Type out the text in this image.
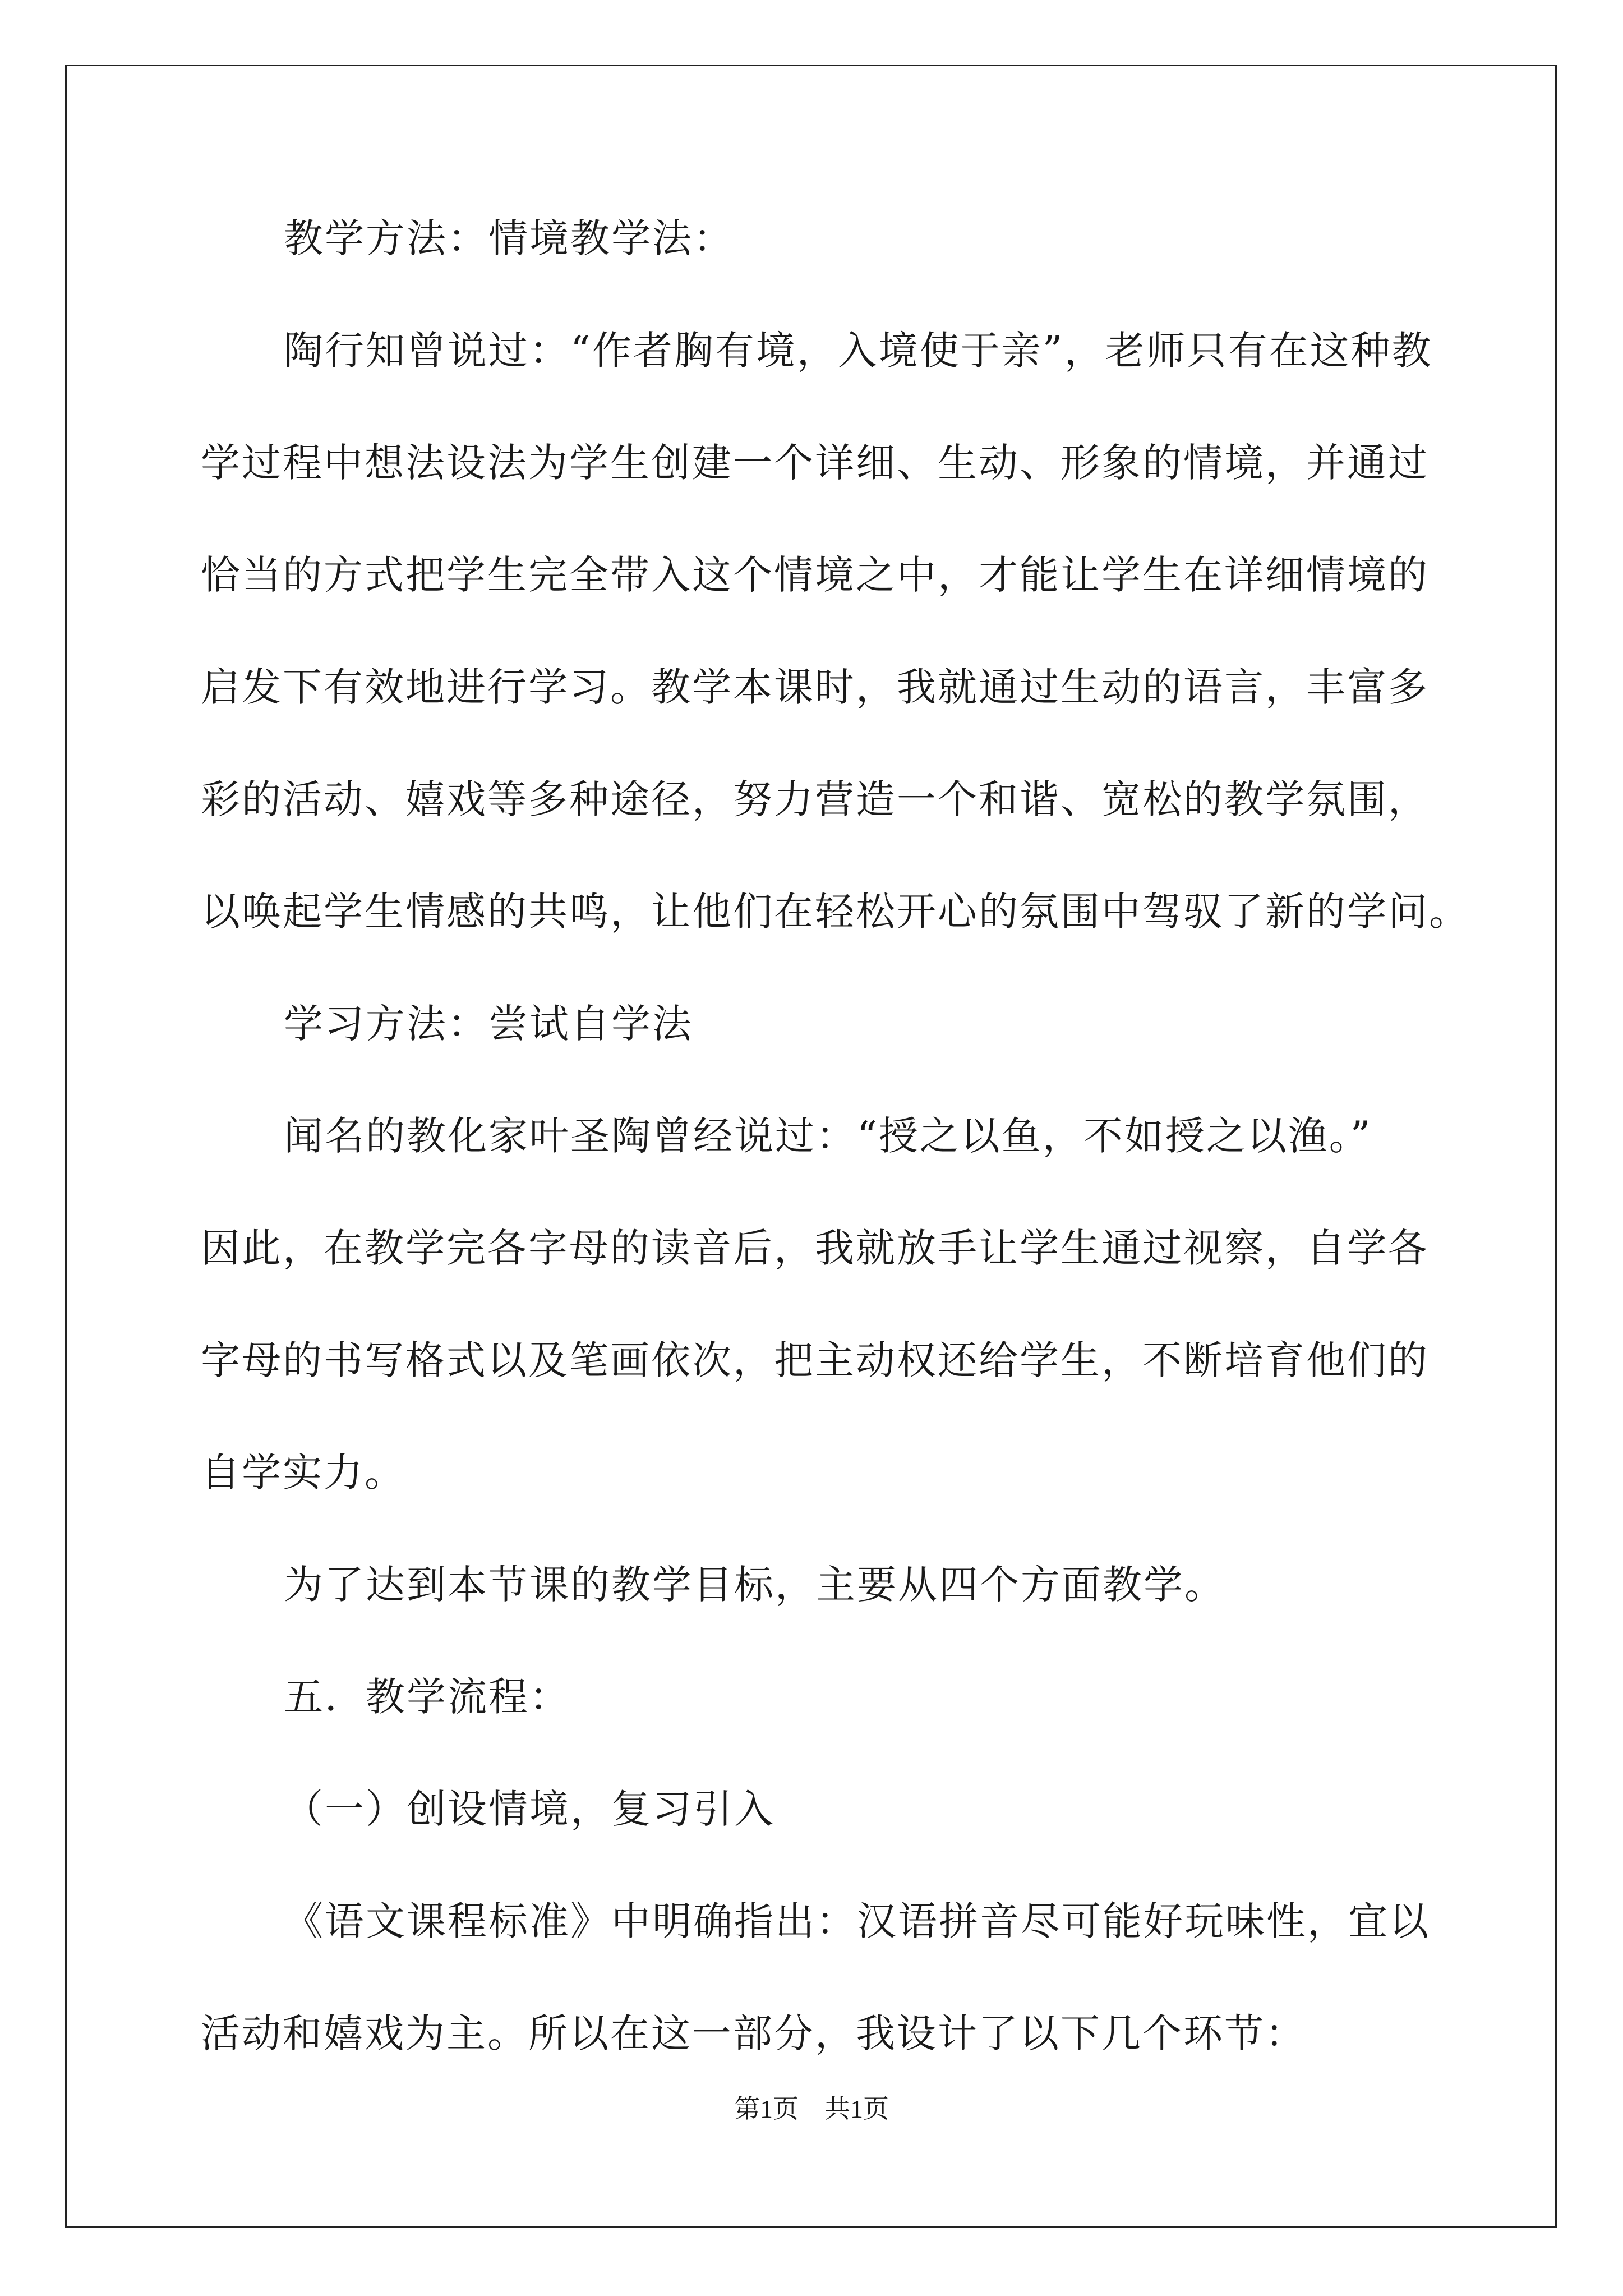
教学方法：情境教学法：
陶行知曾说过：“作者胸有境，入境使于亲”，老师只有在这种教
学过程中想法设法为学生创建一个详细、生动、形象的情境，并通过
恰当的方式把学生完全带入这个情境之中，才能让学生在详细情境的
启发下有效地进行学习。教学本课时，我就通过生动的语言，丰富多
彩的活动、嬉戏等多种途径，努力营造一个和谐、宽松的教学氛围，
以唤起学生情感的共鸣，让他们在轻松开心的氛围中驾驭了新的学问。
学习方法：尝试自学法
闻名的教化家叶圣陶曾经说过：“授之以鱼，不如授之以渔。”
因此，在教学完各字母的读音后，我就放手让学生通过视察，自学各
字母的书写格式以及笔画依次，把主动权还给学生，不断培育他们的
自学实力。
为了达到本节课的教学目标，主要从四个方面教学。
五．教学流程：
（一）创设情境，复习引入
《语文课程标准》中明确指出：汉语拼音尽可能好玩味性，宜以
活动和嬉戏为主。所以在这一部分，我设计了以下几个环节：
第1页　共1页
